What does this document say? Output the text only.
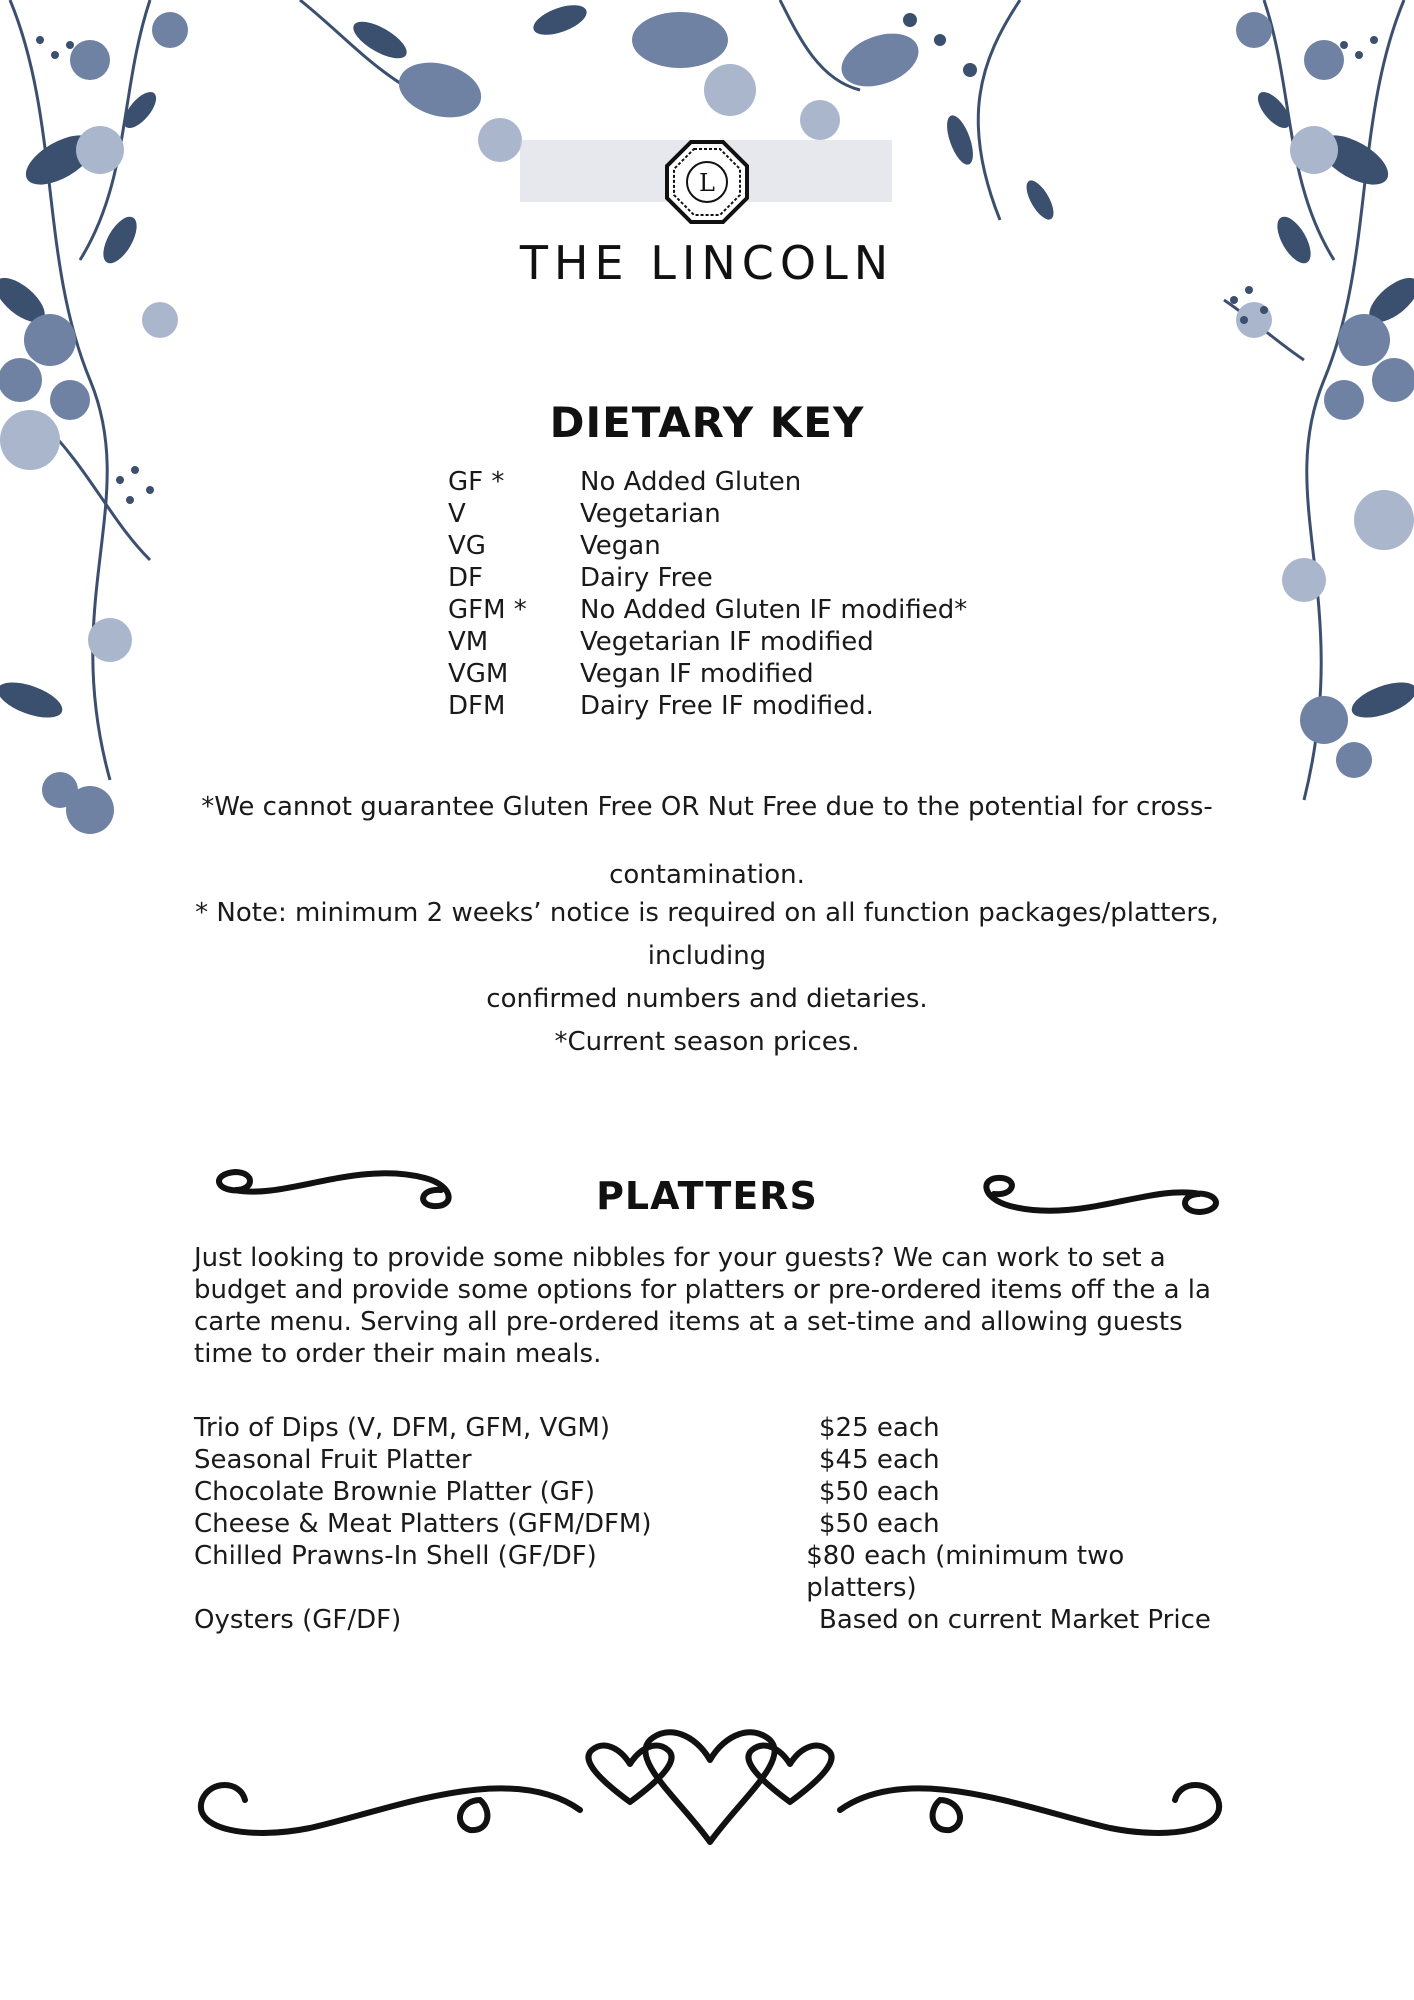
L
THE LINCOLN
DIETARY KEY
GF *	No Added Gluten
V	Vegetarian
VG	Vegan
DF	Dairy Free
GFM *	No Added Gluten IF modified*
VM	Vegetarian IF modified
VGM	Vegan IF modified
DFM	Dairy Free IF modified.

*We cannot guarantee Gluten Free OR Nut Free due to the potential for cross-

contamination.

* Note: minimum 2 weeks’ notice is required on all function packages/platters, including

confirmed numbers and dietaries.

*Current season prices.

PLATTERS
Just looking to provide some nibbles for your guests? We can work to set a budget and provide some options for platters or pre-ordered items off the a la carte menu. Serving all pre-ordered items at a set-time and allowing guests time to order their main meals.
Trio of Dips (V, DFM, GFM, VGM)	$25 each
Seasonal Fruit Platter	$45 each
Chocolate Brownie Platter (GF)	$50 each
Cheese & Meat Platters (GFM/DFM)	$50 each
Chilled Prawns-In Shell (GF/DF)	$80 each (minimum two platters)
Oysters (GF/DF)	Based on current Market Price
